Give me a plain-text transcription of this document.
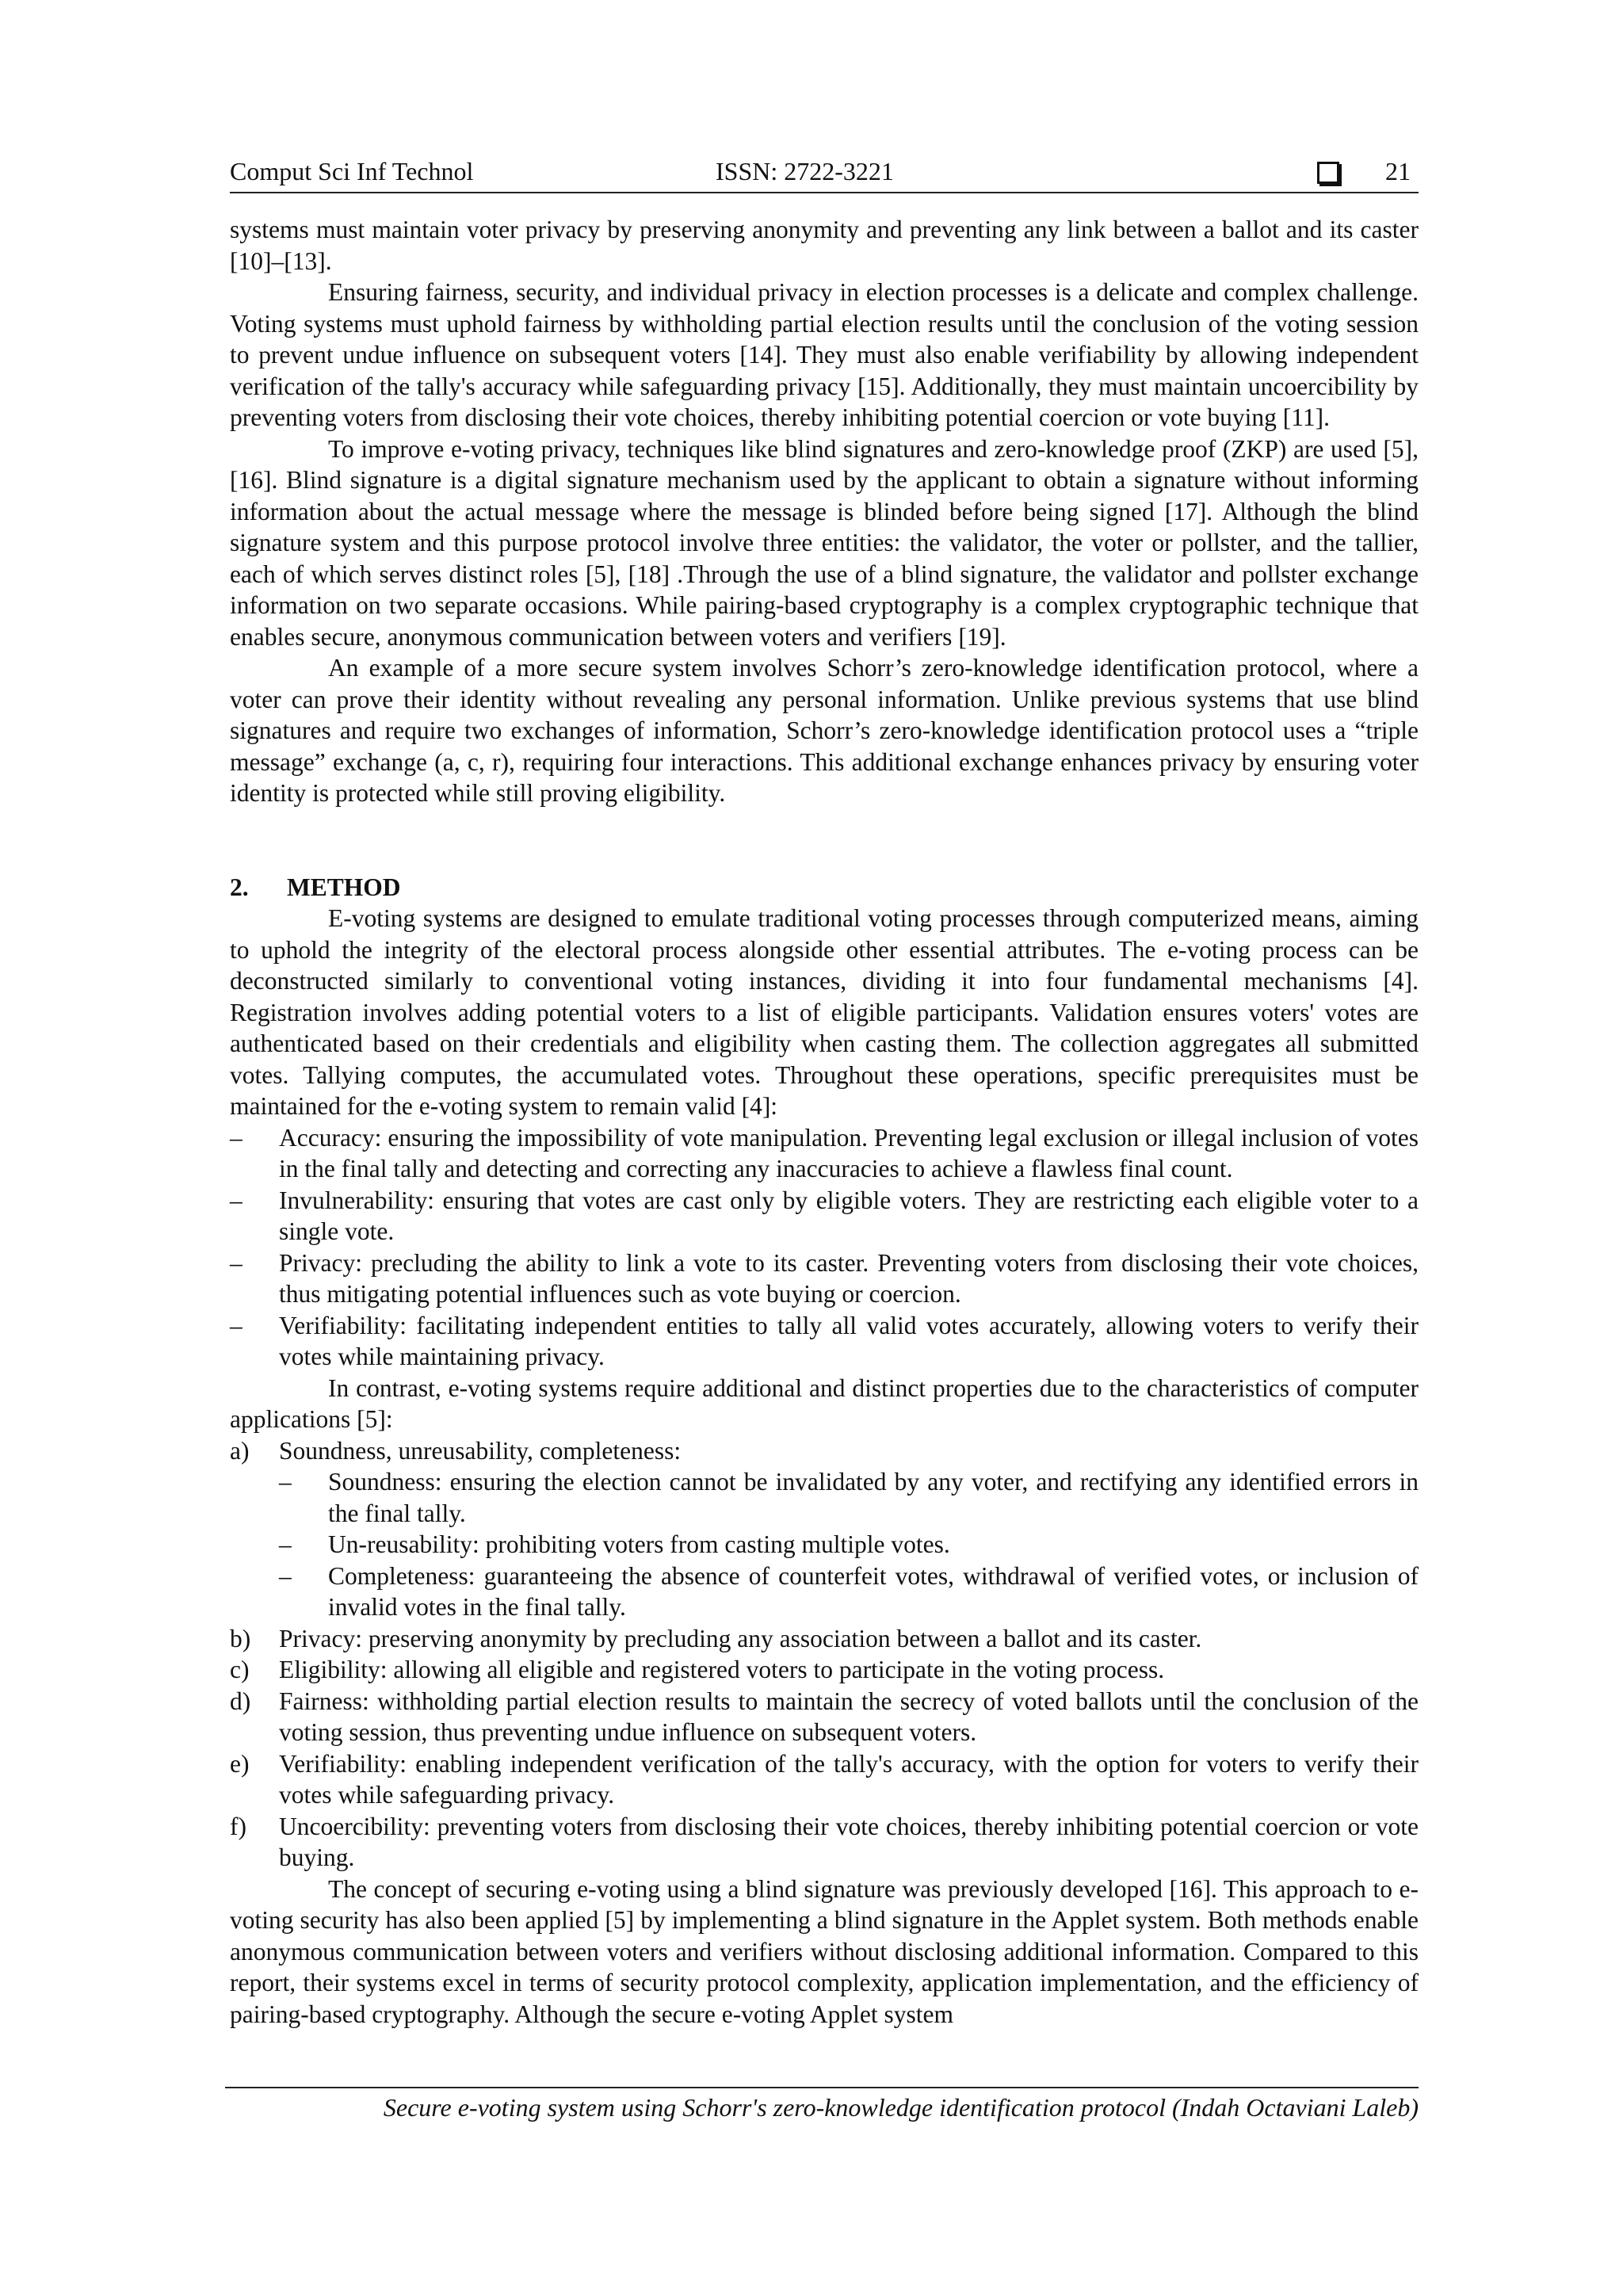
Comput Sci Inf Technol	ISSN: 2722-3221	21

systems must maintain voter privacy by preserving anonymity and preventing any link between a ballot and its caster [10]–[13].

Ensuring fairness, security, and individual privacy in election processes is a delicate and complex challenge. Voting systems must uphold fairness by withholding partial election results until the conclusion of the voting session to prevent undue influence on subsequent voters [14]. They must also enable verifiability by allowing independent verification of the tally's accuracy while safeguarding privacy [15]. Additionally, they must maintain uncoercibility by preventing voters from disclosing their vote choices, thereby inhibiting potential coercion or vote buying [11].

To improve e-voting privacy, techniques like blind signatures and zero-knowledge proof (ZKP) are used [5], [16]. Blind signature is a digital signature mechanism used by the applicant to obtain a signature without informing information about the actual message where the message is blinded before being signed [17]. Although the blind signature system and this purpose protocol involve three entities: the validator, the voter or pollster, and the tallier, each of which serves distinct roles [5], [18] .Through the use of a blind signature, the validator and pollster exchange information on two separate occasions. While pairing-based cryptography is a complex cryptographic technique that enables secure, anonymous communication between voters and verifiers [19].

An example of a more secure system involves Schorr’s zero-knowledge identification protocol, where a voter can prove their identity without revealing any personal information. Unlike previous systems that use blind signatures and require two exchanges of information, Schorr’s zero-knowledge identification protocol uses a “triple message” exchange (a, c, r), requiring four interactions. This additional exchange enhances privacy by ensuring voter identity is protected while still proving eligibility.

2. METHOD

E-voting systems are designed to emulate traditional voting processes through computerized means, aiming to uphold the integrity of the electoral process alongside other essential attributes. The e-voting process can be deconstructed similarly to conventional voting instances, dividing it into four fundamental mechanisms [4]. Registration involves adding potential voters to a list of eligible participants. Validation ensures voters' votes are authenticated based on their credentials and eligibility when casting them. The collection aggregates all submitted votes. Tallying computes, the accumulated votes. Throughout these operations, specific prerequisites must be maintained for the e-voting system to remain valid [4]:

– Accuracy: ensuring the impossibility of vote manipulation. Preventing legal exclusion or illegal inclusion of votes in the final tally and detecting and correcting any inaccuracies to achieve a flawless final count.
– Invulnerability: ensuring that votes are cast only by eligible voters. They are restricting each eligible voter to a single vote.
– Privacy: precluding the ability to link a vote to its caster. Preventing voters from disclosing their vote choices, thus mitigating potential influences such as vote buying or coercion.
– Verifiability: facilitating independent entities to tally all valid votes accurately, allowing voters to verify their votes while maintaining privacy.

In contrast, e-voting systems require additional and distinct properties due to the characteristics of computer applications [5]:

a) Soundness, unreusability, completeness:
– Soundness: ensuring the election cannot be invalidated by any voter, and rectifying any identified errors in the final tally.
– Un-reusability: prohibiting voters from casting multiple votes.
– Completeness: guaranteeing the absence of counterfeit votes, withdrawal of verified votes, or inclusion of invalid votes in the final tally.
b) Privacy: preserving anonymity by precluding any association between a ballot and its caster.
c) Eligibility: allowing all eligible and registered voters to participate in the voting process.
d) Fairness: withholding partial election results to maintain the secrecy of voted ballots until the conclusion of the voting session, thus preventing undue influence on subsequent voters.
e) Verifiability: enabling independent verification of the tally's accuracy, with the option for voters to verify their votes while safeguarding privacy.
f) Uncoercibility: preventing voters from disclosing their vote choices, thereby inhibiting potential coercion or vote buying.

The concept of securing e-voting using a blind signature was previously developed [16]. This approach to e-voting security has also been applied [5] by implementing a blind signature in the Applet system. Both methods enable anonymous communication between voters and verifiers without disclosing additional information. Compared to this report, their systems excel in terms of security protocol complexity, application implementation, and the efficiency of pairing-based cryptography. Although the secure e-voting Applet system

Secure e-voting system using Schorr's zero-knowledge identification protocol (Indah Octaviani Laleb)
